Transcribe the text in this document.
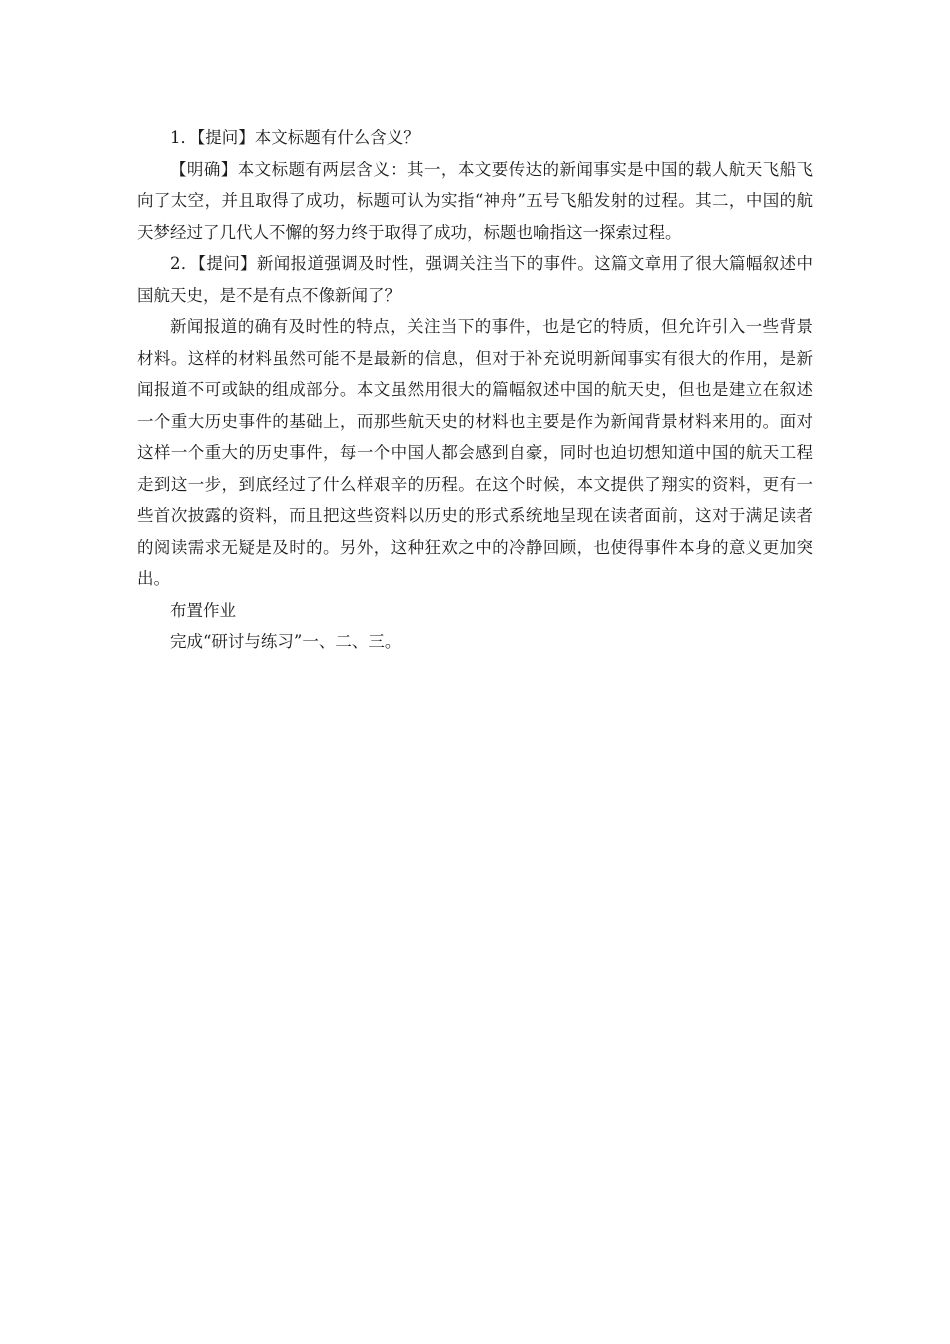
1．【提问】本文标题有什么含义？

【明确】本文标题有两层含义：其一，本文要传达的新闻事实是中国的载人航天飞船飞向了太空，并且取得了成功，标题可认为实指“神舟”五号飞船发射的过程。其二，中国的航天梦经过了几代人不懈的努力终于取得了成功，标题也喻指这一探索过程。

2．【提问】新闻报道强调及时性，强调关注当下的事件。这篇文章用了很大篇幅叙述中国航天史，是不是有点不像新闻了？

新闻报道的确有及时性的特点，关注当下的事件，也是它的特质，但允许引入一些背景材料。这样的材料虽然可能不是最新的信息，但对于补充说明新闻事实有很大的作用，是新闻报道不可或缺的组成部分。本文虽然用很大的篇幅叙述中国的航天史，但也是建立在叙述一个重大历史事件的基础上，而那些航天史的材料也主要是作为新闻背景材料来用的。面对这样一个重大的历史事件，每一个中国人都会感到自豪，同时也迫切想知道中国的航天工程走到这一步，到底经过了什么样艰辛的历程。在这个时候，本文提供了翔实的资料，更有一些首次披露的资料，而且把这些资料以历史的形式系统地呈现在读者面前，这对于满足读者的阅读需求无疑是及时的。另外，这种狂欢之中的冷静回顾，也使得事件本身的意义更加突出。

布置作业

完成“研讨与练习”一、二、三。
